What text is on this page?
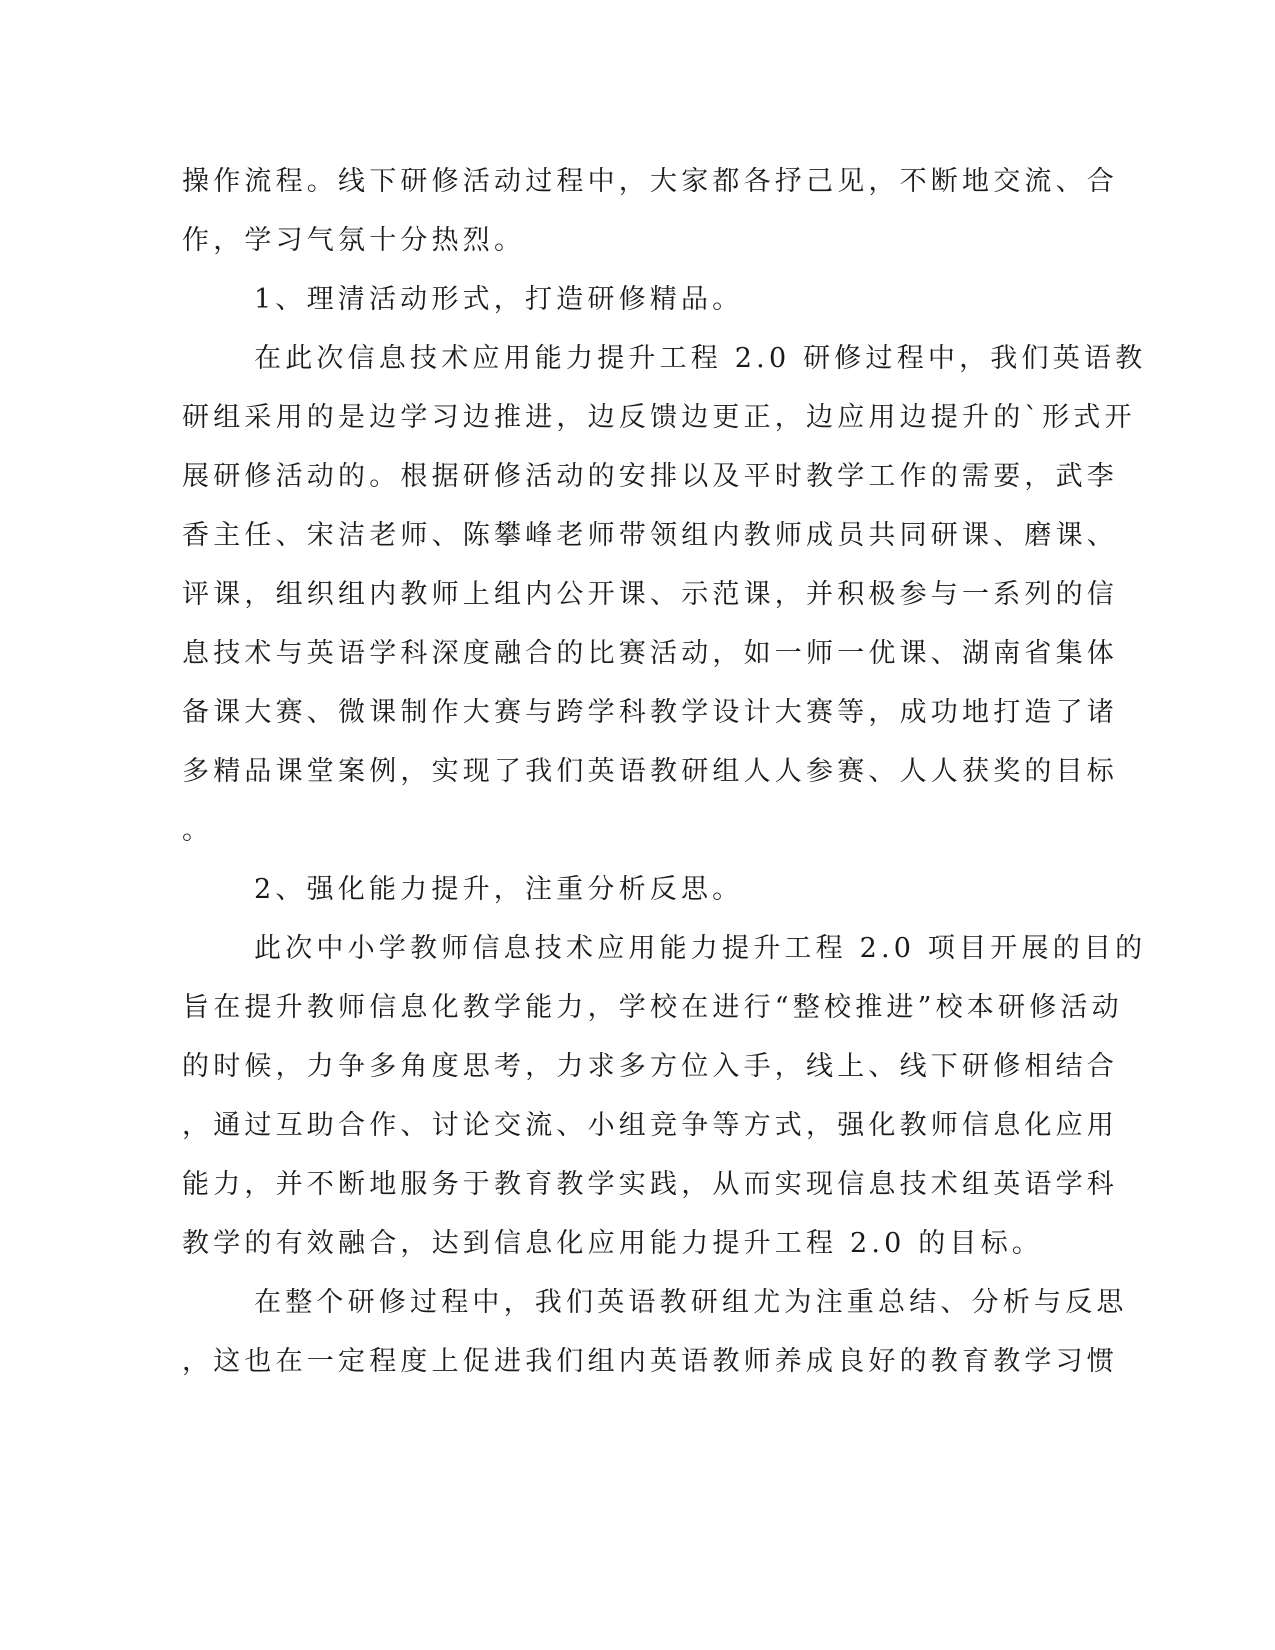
操作流程。线下研修活动过程中，大家都各抒己见，不断地交流、合
作，学习气氛十分热烈。
1、理清活动形式，打造研修精品。
在此次信息技术应用能力提升工程 2.0 研修过程中，我们英语教
研组采用的是边学习边推进，边反馈边更正，边应用边提升的`形式开
展研修活动的。根据研修活动的安排以及平时教学工作的需要，武李
香主任、宋洁老师、陈攀峰老师带领组内教师成员共同研课、磨课、
评课，组织组内教师上组内公开课、示范课，并积极参与一系列的信
息技术与英语学科深度融合的比赛活动，如一师一优课、湖南省集体
备课大赛、微课制作大赛与跨学科教学设计大赛等，成功地打造了诸
多精品课堂案例，实现了我们英语教研组人人参赛、人人获奖的目标
。
2、强化能力提升，注重分析反思。
此次中小学教师信息技术应用能力提升工程 2.0 项目开展的目的
旨在提升教师信息化教学能力，学校在进行“整校推进”校本研修活动
的时候，力争多角度思考，力求多方位入手，线上、线下研修相结合
，通过互助合作、讨论交流、小组竞争等方式，强化教师信息化应用
能力，并不断地服务于教育教学实践，从而实现信息技术组英语学科
教学的有效融合，达到信息化应用能力提升工程 2.0 的目标。
在整个研修过程中，我们英语教研组尤为注重总结、分析与反思
，这也在一定程度上促进我们组内英语教师养成良好的教育教学习惯
